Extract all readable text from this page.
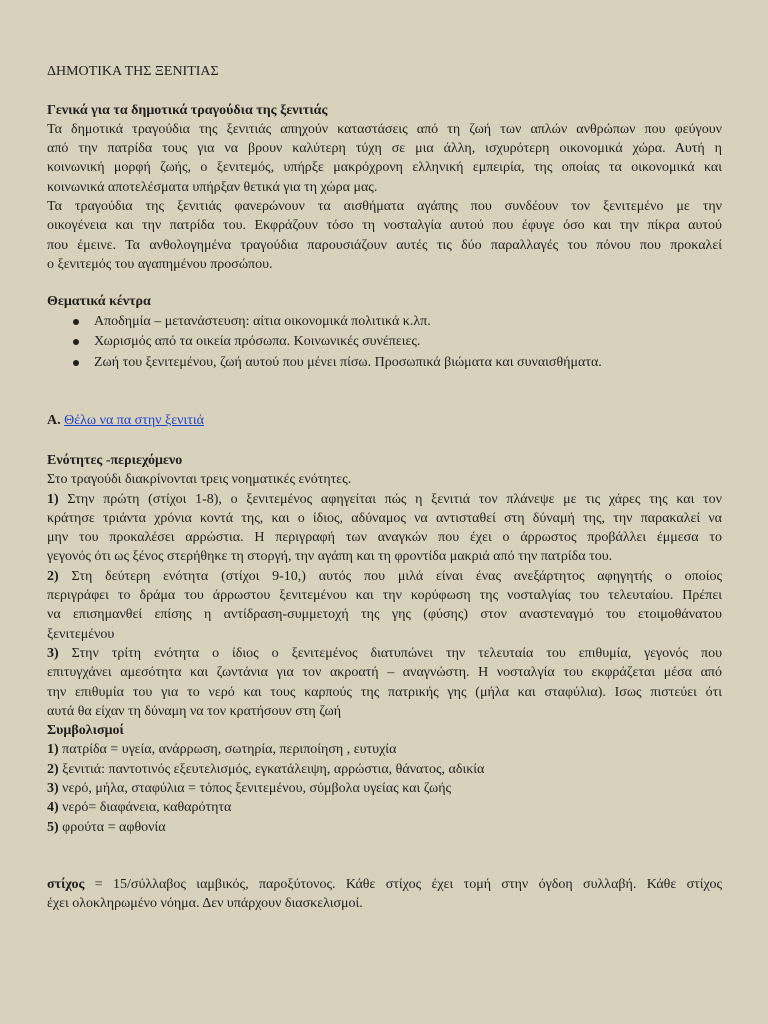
ΔΗΜΟΤΙΚΑ ΤΗΣ ΞΕΝΙΤΙΑΣ
Γενικά για τα δημοτικά τραγούδια της ξενιτιάς
Τα δημοτικά τραγούδια της ξενιτιάς απηχούν καταστάσεις από τη ζωή των απλών ανθρώπων που φεύγουν
από την πατρίδα τους για να βρουν καλύτερη τύχη σε μια άλλη, ισχυρότερη οικονομικά χώρα. Αυτή η
κοινωνική μορφή ζωής, ο ξενιτεμός, υπήρξε μακρόχρονη ελληνική εμπειρία, της οποίας τα οικονομικά και
κοινωνικά αποτελέσματα υπήρξαν θετικά για τη χώρα μας.
Τα τραγούδια της ξενιτιάς φανερώνουν τα αισθήματα αγάπης που συνδέουν τον ξενιτεμένο με την
οικογένεια και την πατρίδα του. Εκφράζουν τόσο τη νοσταλγία αυτού που έφυγε όσο και την πίκρα αυτού
που έμεινε. Τα ανθολογημένα τραγούδια παρουσιάζουν αυτές τις δύο παραλλαγές του πόνου που προκαλεί
ο ξενιτεμός του αγαπημένου προσώπου.
Θεματικά κέντρα
Αποδημία – μετανάστευση: αίτια οικονομικά πολιτικά κ.λπ.
Χωρισμός από τα οικεία πρόσωπα. Κοινωνικές συνέπειες.
Ζωή του ξενιτεμένου, ζωή αυτού που μένει πίσω. Προσωπικά βιώματα και συναισθήματα.
Α. Θέλω να πα στην ξενιτιά
Ενότητες -περιεχόμενο
Στο τραγούδι διακρίνονται τρεις νοηματικές ενότητες.
1) Στην πρώτη (στίχοι 1-8), ο ξενιτεμένος αφηγείται πώς η ξενιτιά τον πλάνεψε με τις χάρες της και τον
κράτησε τριάντα χρόνια κοντά της, και ο ίδιος, αδύναμος να αντισταθεί στη δύναμή της, την παρακαλεί να
μην του προκαλέσει αρρώστια. Η περιγραφή των αναγκών που έχει ο άρρωστος προβάλλει έμμεσα το
γεγονός ότι ως ξένος στερήθηκε τη στοργή, την αγάπη και τη φροντίδα μακριά από την πατρίδα του.
2) Στη δεύτερη ενότητα (στίχοι 9-10,) αυτός που μιλά είναι ένας ανεξάρτητος αφηγητής ο οποίος
περιγράφει το δράμα του άρρωστου ξενιτεμένου και την κορύφωση της νοσταλγίας του τελευταίου. Πρέπει
να επισημανθεί επίσης η αντίδραση-συμμετοχή της γης (φύσης) στον αναστεναγμό του ετοιμοθάνατου
ξενιτεμένου
3) Στην τρίτη ενότητα ο ίδιος ο ξενιτεμένος διατυπώνει την τελευταία του επιθυμία, γεγονός που
επιτυγχάνει αμεσότητα και ζωντάνια για τον ακροατή – αναγνώστη. Η νοσταλγία του εκφράζεται μέσα από
την επιθυμία του για το νερό και τους καρπούς της πατρικής γης (μήλα και σταφύλια). Ισως πιστεύει ότι
αυτά θα είχαν τη δύναμη να τον κρατήσουν στη ζωή
Συμβολισμοί
1) πατρίδα = υγεία, ανάρρωση, σωτηρία, περιποίηση , ευτυχία
2) ξενιτιά: παντοτινός εξευτελισμός, εγκατάλειψη, αρρώστια, θάνατος, αδικία
3) νερό, μήλα, σταφύλια = τόπος ξενιτεμένου, σύμβολα υγείας και ζωής
4) νερό= διαφάνεια, καθαρότητα
5) φρούτα = αφθονία
στίχος = 15/σύλλαβος ιαμβικός, παροξύτονος. Κάθε στίχος έχει τομή στην όγδοη συλλαβή. Κάθε στίχος
έχει ολοκληρωμένο νόημα. Δεν υπάρχουν διασκελισμοί.
